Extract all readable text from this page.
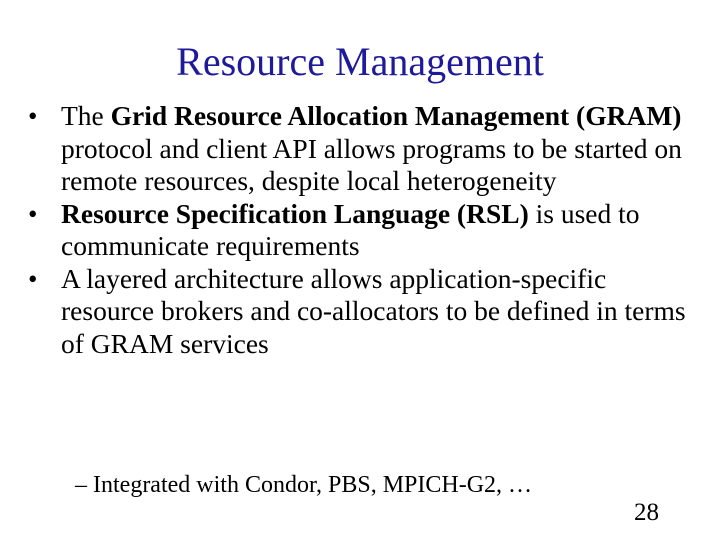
Resource Management
• The Grid Resource Allocation Management (GRAM) protocol and client API allows programs to be started on remote resources, despite local heterogeneity
• Resource Specification Language (RSL) is used to communicate requirements
• A layered architecture allows application-specific resource brokers and co-allocators to be defined in terms of GRAM services
– Integrated with Condor, PBS, MPICH-G2, …
28
